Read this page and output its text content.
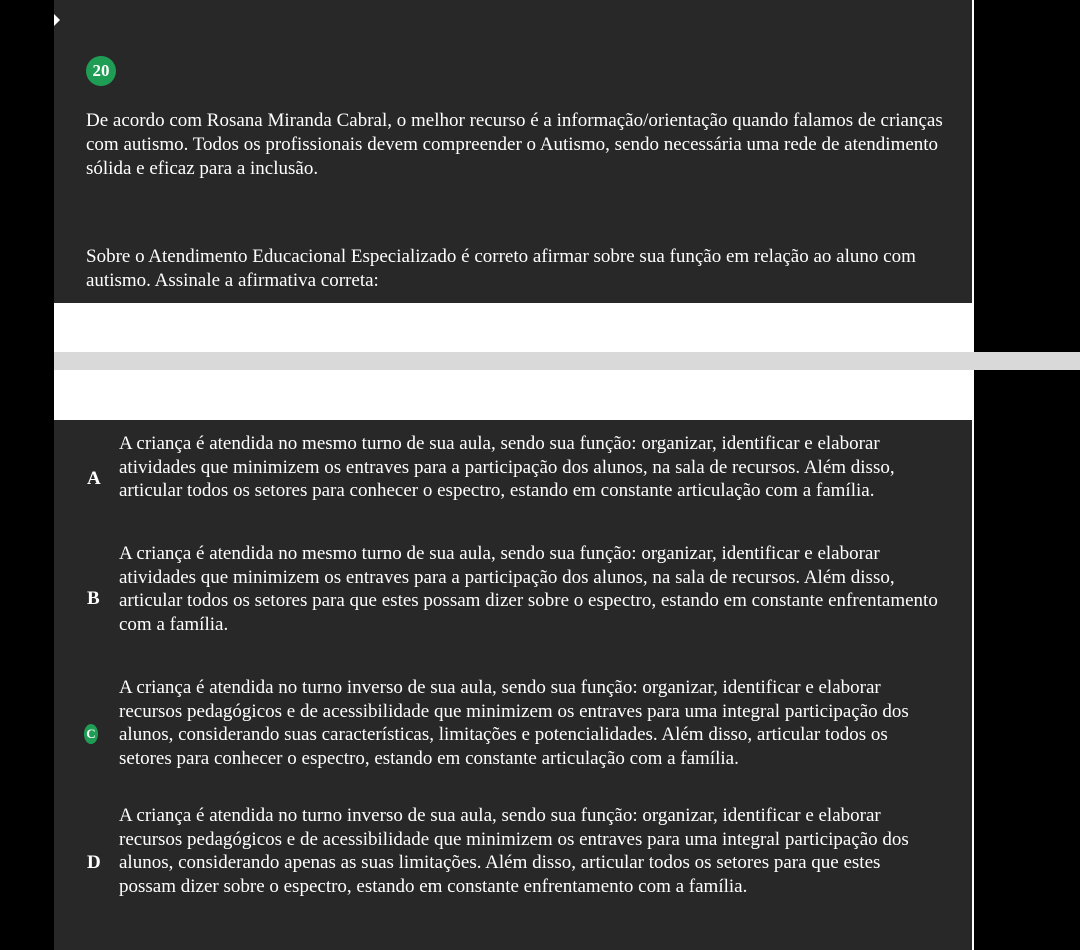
20

De acordo com Rosana Miranda Cabral, o melhor recurso é a informação/orientação quando falamos de crianças com autismo. Todos os profissionais devem compreender o Autismo, sendo necessária uma rede de atendimento sólida e eficaz para a inclusão.

Sobre o Atendimento Educacional Especializado é correto afirmar sobre sua função em relação ao aluno com autismo. Assinale a afirmativa correta:

A

A criança é atendida no mesmo turno de sua aula, sendo sua função: organizar, identificar e elaborar atividades que minimizem os entraves para a participação dos alunos, na sala de recursos. Além disso, articular todos os setores para conhecer o espectro, estando em constante articulação com a família.

B

A criança é atendida no mesmo turno de sua aula, sendo sua função: organizar, identificar e elaborar atividades que minimizem os entraves para a participação dos alunos, na sala de recursos. Além disso, articular todos os setores para que estes possam dizer sobre o espectro, estando em constante enfrentamento com a família.

C

A criança é atendida no turno inverso de sua aula, sendo sua função: organizar, identificar e elaborar recursos pedagógicos e de acessibilidade que minimizem os entraves para uma integral participação dos alunos, considerando suas características, limitações e potencialidades. Além disso, articular todos os setores para conhecer o espectro, estando em constante articulação com a família.

D

A criança é atendida no turno inverso de sua aula, sendo sua função: organizar, identificar e elaborar recursos pedagógicos e de acessibilidade que minimizem os entraves para uma integral participação dos alunos, considerando apenas as suas limitações. Além disso, articular todos os setores para que estes possam dizer sobre o espectro, estando em constante enfrentamento com a família.
